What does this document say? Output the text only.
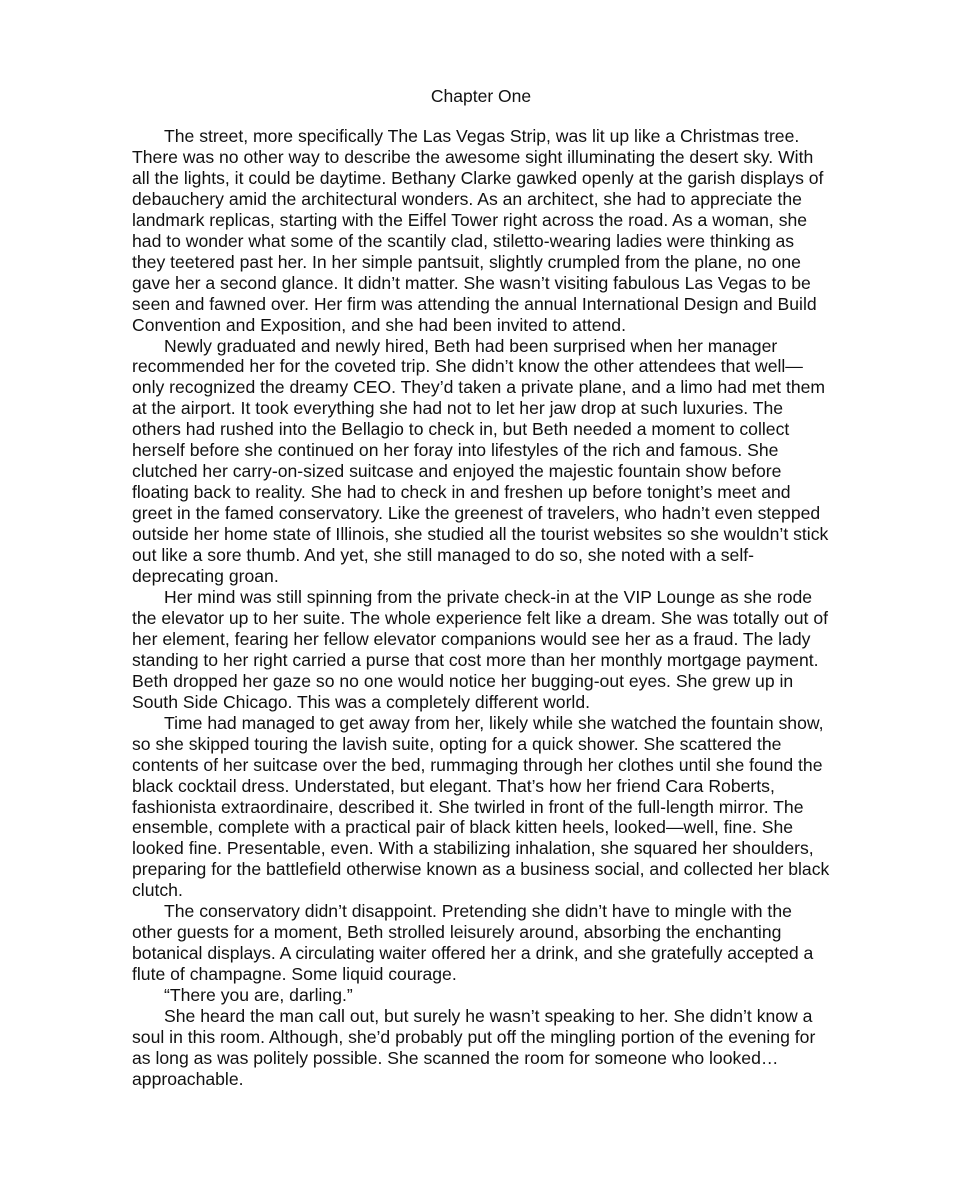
Chapter One

The street, more specifically The Las Vegas Strip, was lit up like a Christmas tree. There was no other way to describe the awesome sight illuminating the desert sky. With all the lights, it could be daytime. Bethany Clarke gawked openly at the garish displays of debauchery amid the architectural wonders. As an architect, she had to appreciate the landmark replicas, starting with the Eiffel Tower right across the road. As a woman, she had to wonder what some of the scantily clad, stiletto-wearing ladies were thinking as they teetered past her. In her simple pantsuit, slightly crumpled from the plane, no one gave her a second glance. It didn’t matter. She wasn’t visiting fabulous Las Vegas to be seen and fawned over. Her firm was attending the annual International Design and Build Convention and Exposition, and she had been invited to attend.

Newly graduated and newly hired, Beth had been surprised when her manager recommended her for the coveted trip. She didn’t know the other attendees that well—only recognized the dreamy CEO. They’d taken a private plane, and a limo had met them at the airport. It took everything she had not to let her jaw drop at such luxuries. The others had rushed into the Bellagio to check in, but Beth needed a moment to collect herself before she continued on her foray into lifestyles of the rich and famous. She clutched her carry-on-sized suitcase and enjoyed the majestic fountain show before floating back to reality. She had to check in and freshen up before tonight’s meet and greet in the famed conservatory. Like the greenest of travelers, who hadn’t even stepped outside her home state of Illinois, she studied all the tourist websites so she wouldn’t stick out like a sore thumb. And yet, she still managed to do so, she noted with a self-deprecating groan.

Her mind was still spinning from the private check-in at the VIP Lounge as she rode the elevator up to her suite. The whole experience felt like a dream. She was totally out of her element, fearing her fellow elevator companions would see her as a fraud. The lady standing to her right carried a purse that cost more than her monthly mortgage payment. Beth dropped her gaze so no one would notice her bugging-out eyes. She grew up in South Side Chicago. This was a completely different world.

Time had managed to get away from her, likely while she watched the fountain show, so she skipped touring the lavish suite, opting for a quick shower. She scattered the contents of her suitcase over the bed, rummaging through her clothes until she found the black cocktail dress. Understated, but elegant. That’s how her friend Cara Roberts, fashionista extraordinaire, described it. She twirled in front of the full-length mirror. The ensemble, complete with a practical pair of black kitten heels, looked—well, fine. She looked fine. Presentable, even. With a stabilizing inhalation, she squared her shoulders, preparing for the battlefield otherwise known as a business social, and collected her black clutch.

The conservatory didn’t disappoint. Pretending she didn’t have to mingle with the other guests for a moment, Beth strolled leisurely around, absorbing the enchanting botanical displays. A circulating waiter offered her a drink, and she gratefully accepted a flute of champagne. Some liquid courage.

“There you are, darling.”

She heard the man call out, but surely he wasn’t speaking to her. She didn’t know a soul in this room. Although, she’d probably put off the mingling portion of the evening for as long as was politely possible. She scanned the room for someone who looked… approachable.
